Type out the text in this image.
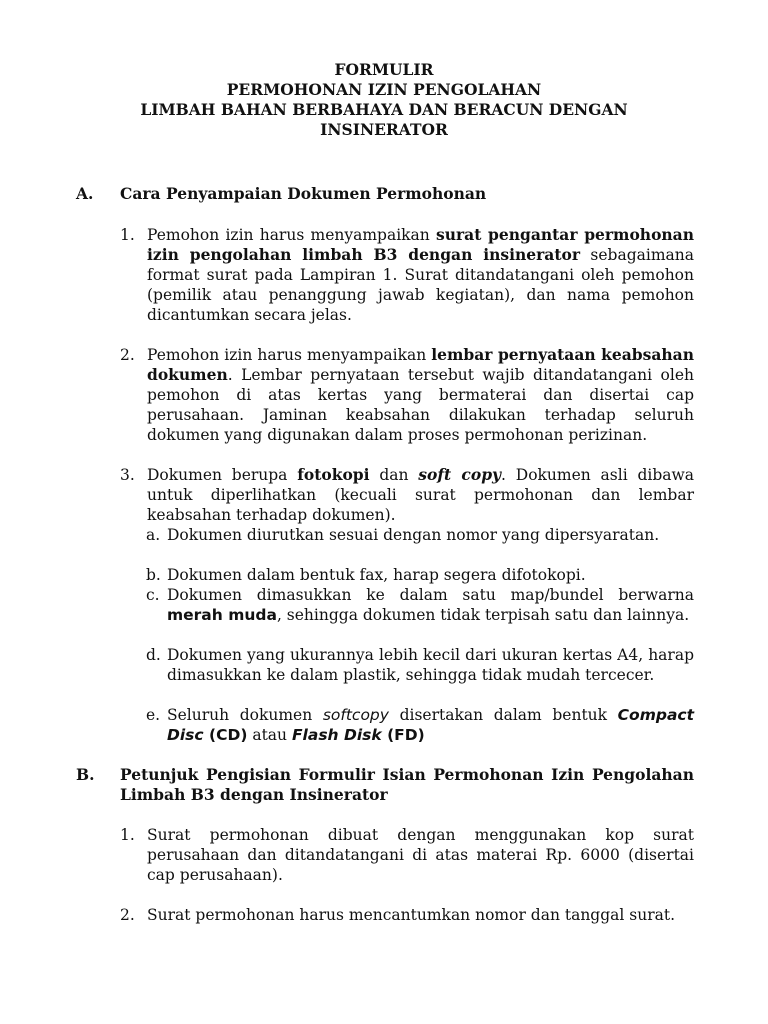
FORMULIR
PERMOHONAN IZIN PENGOLAHAN
LIMBAH BAHAN BERBAHAYA DAN BERACUN DENGAN
INSINERATOR
A. Cara Penyampaian Dokumen Permohonan
1. Pemohon izin harus menyampaikan surat pengantar permohonan izin pengolahan limbah B3 dengan insinerator sebagaimana format surat pada Lampiran 1. Surat ditandatangani oleh pemohon (pemilik atau penanggung jawab kegiatan), dan nama pemohon dicantumkan secara jelas.
2. Pemohon izin harus menyampaikan lembar pernyataan keabsahan dokumen. Lembar pernyataan tersebut wajib ditandatangani oleh pemohon di atas kertas yang bermaterai dan disertai cap perusahaan. Jaminan keabsahan dilakukan terhadap seluruh dokumen yang digunakan dalam proses permohonan perizinan.
3. Dokumen berupa fotokopi dan soft copy. Dokumen asli dibawa untuk diperlihatkan (kecuali surat permohonan dan lembar keabsahan terhadap dokumen).
a. Dokumen diurutkan sesuai dengan nomor yang dipersyaratan.
b. Dokumen dalam bentuk fax, harap segera difotokopi.
c. Dokumen dimasukkan ke dalam satu map/bundel berwarna merah muda, sehingga dokumen tidak terpisah satu dan lainnya.
d. Dokumen yang ukurannya lebih kecil dari ukuran kertas A4, harap dimasukkan ke dalam plastik, sehingga tidak mudah tercecer.
e. Seluruh dokumen softcopy disertakan dalam bentuk Compact Disc (CD) atau Flash Disk (FD)
B. Petunjuk Pengisian Formulir Isian Permohonan Izin Pengolahan Limbah B3 dengan Insinerator
1. Surat permohonan dibuat dengan menggunakan kop surat perusahaan dan ditandatangani di atas materai Rp. 6000 (disertai cap perusahaan).
2. Surat permohonan harus mencantumkan nomor dan tanggal surat.
